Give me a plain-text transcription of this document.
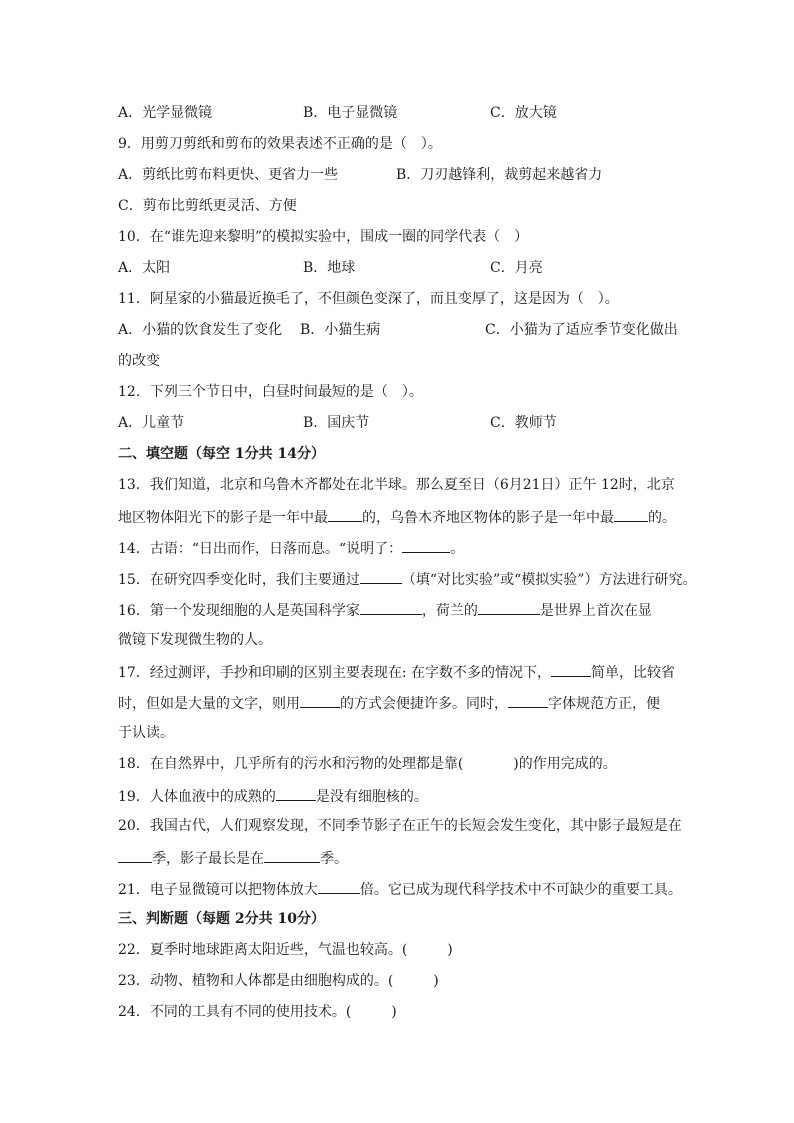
A．光学显微镜	B．电子显微镜	C．放大镜
9．用剪刀剪纸和剪布的效果表述不正确的是（　）。
A．剪纸比剪布料更快、更省力一些	B．刀刃越锋利，裁剪起来越省力
C．剪布比剪纸更灵活、方便
10．在“谁先迎来黎明”的模拟实验中，围成一圈的同学代表（　）
A．太阳	B．地球	C．月亮
11．阿星家的小猫最近换毛了，不但颜色变深了，而且变厚了，这是因为（　）。
A．小猫的饮食发生了变化 B．小猫生病	C．小猫为了适应季节变化做出
的改变
12．下列三个节日中，白昼时间最短的是（　）。
A．儿童节	B．国庆节	C．教师节
二、填空题（每空 1分共 14分）
13．我们知道，北京和乌鲁木齐都处在北半球。那么夏至日（6月21日）正午 12时，北京
地区物体阳光下的影子是一年中最 的，乌鲁木齐地区物体的影子是一年中最 的。
14．古语：“日出而作，日落而息。“说明了：	。
15．在研究四季变化时，我们主要通过	（填“对比实验”或“模拟实验”）方法进行研究。
16．第一个发现细胞的人是英国科学家	，荷兰的	是世界上首次在显
微镜下发现微生物的人。
17．经过测评，手抄和印刷的区别主要表现在: 在字数不多的情况下，	简单，比较省
时，但如是大量的文字，则用	的方式会便捷许多。同时，	字体规范方正，便
于认读。
18．在自然界中，几乎所有的污水和污物的处理都是靠(	)的作用完成的。
19．人体血液中的成熟的	是没有细胞核的。
20．我国古代，人们观察发现，不同季节影子在正午的长短会发生变化，其中影子最短是在
季，影子最长是在	季。
21．电子显微镜可以把物体放大	倍。它已成为现代科学技术中不可缺少的重要工具。
三、判断题（每题 2分共 10分）
22．夏季时地球距离太阳近些，气温也较高。(	)
23．动物、植物和人体都是由细胞构成的。(	)
24．不同的工具有不同的使用技术。(	)
